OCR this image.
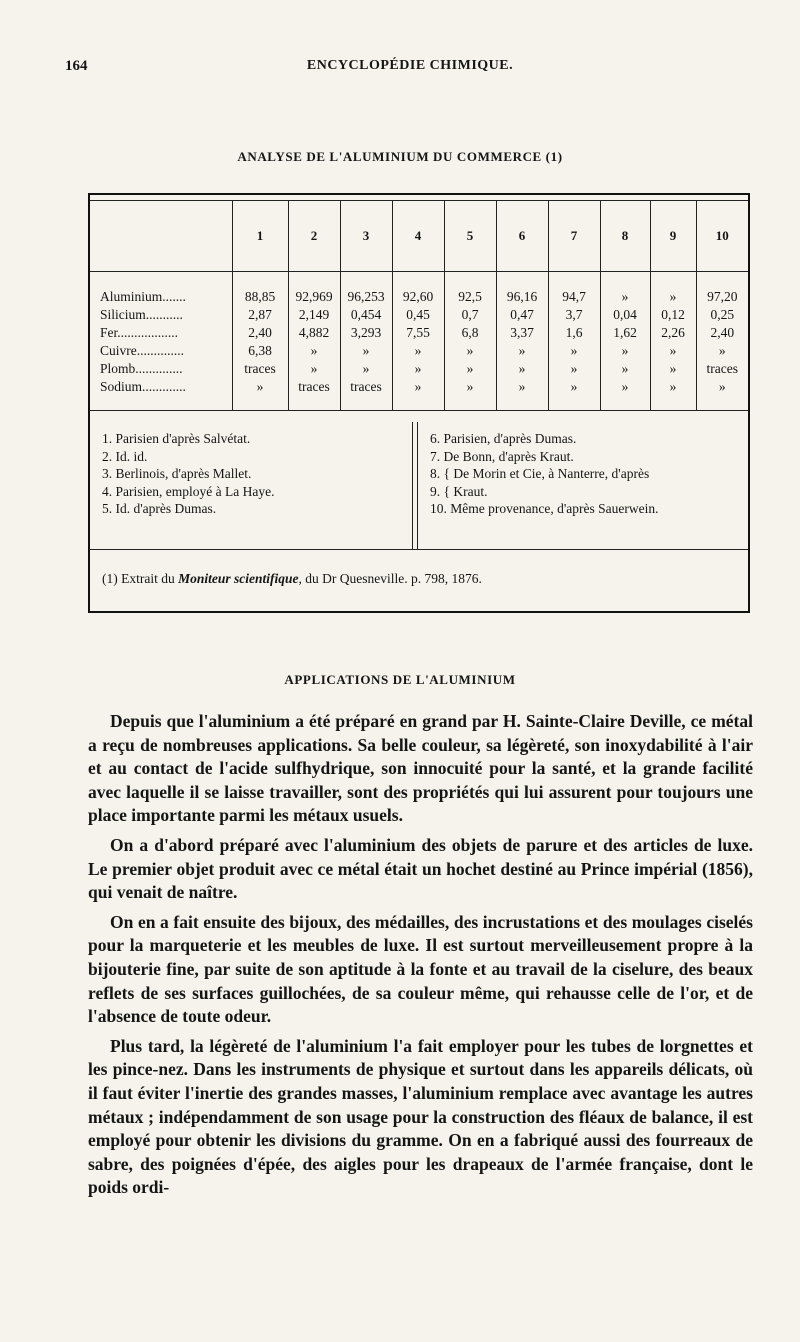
164	ENCYCLOPÉDIE CHIMIQUE.
ANALYSE DE L'ALUMINIUM DU COMMERCE (1)
	1	2	3	4	5	6	7	8	9	10
Aluminium.......	88,85	92,969	96,253	92,60	92,5	96,16	94,7	»	»	97,20
Silicium...........	2,87	2,149	0,454	0,45	0,7	0,47	3,7	0,04	0,12	0,25
Fer..................	2,40	4,882	3,293	7,55	6,8	3,37	1,6	1,62	2,26	2,40
Cuivre..............	6,38	»	»	»	»	»	»	»	»	»
Plomb..............	traces	»	»	»	»	»	»	»	»	traces
Sodium.............	»	traces	traces	»	»	»	»	»	»	»
1. Parisien d'après Salvétat.
2. Id. id.
3. Berlinois, d'après Mallet.
4. Parisien, employé à La Haye.
5. Id. d'après Dumas.
6. Parisien, d'après Dumas.
7. De Bonn, d'après Kraut.
8. { De Morin et Cie, à Nanterre, d'après
9. { Kraut.
10. Même provenance, d'après Sauerwein.
(1) Extrait du Moniteur scientifique, du Dr Quesneville. p. 798, 1876.
APPLICATIONS DE L'ALUMINIUM

Depuis que l'aluminium a été préparé en grand par H. Sainte-Claire Deville, ce métal a reçu de nombreuses applications. Sa belle couleur, sa légèreté, son inoxydabilité à l'air et au contact de l'acide sulfhydrique, son innocuité pour la santé, et la grande facilité avec laquelle il se laisse travailler, sont des propriétés qui lui assurent pour toujours une place importante parmi les métaux usuels.

On a d'abord préparé avec l'aluminium des objets de parure et des articles de luxe. Le premier objet produit avec ce métal était un hochet destiné au Prince impérial (1856), qui venait de naître.

On en a fait ensuite des bijoux, des médailles, des incrustations et des moulages ciselés pour la marqueterie et les meubles de luxe. Il est surtout merveilleusement propre à la bijouterie fine, par suite de son aptitude à la fonte et au travail de la ciselure, des beaux reflets de ses surfaces guillochées, de sa couleur même, qui rehausse celle de l'or, et de l'absence de toute odeur.

Plus tard, la légèreté de l'aluminium l'a fait employer pour les tubes de lorgnettes et les pince-nez. Dans les instruments de physique et surtout dans les appareils délicats, où il faut éviter l'inertie des grandes masses, l'aluminium remplace avec avantage les autres métaux ; indépendamment de son usage pour la construction des fléaux de balance, il est employé pour obtenir les divisions du gramme. On en a fabriqué aussi des fourreaux de sabre, des poignées d'épée, des aigles pour les drapeaux de l'armée française, dont le poids ordi-
